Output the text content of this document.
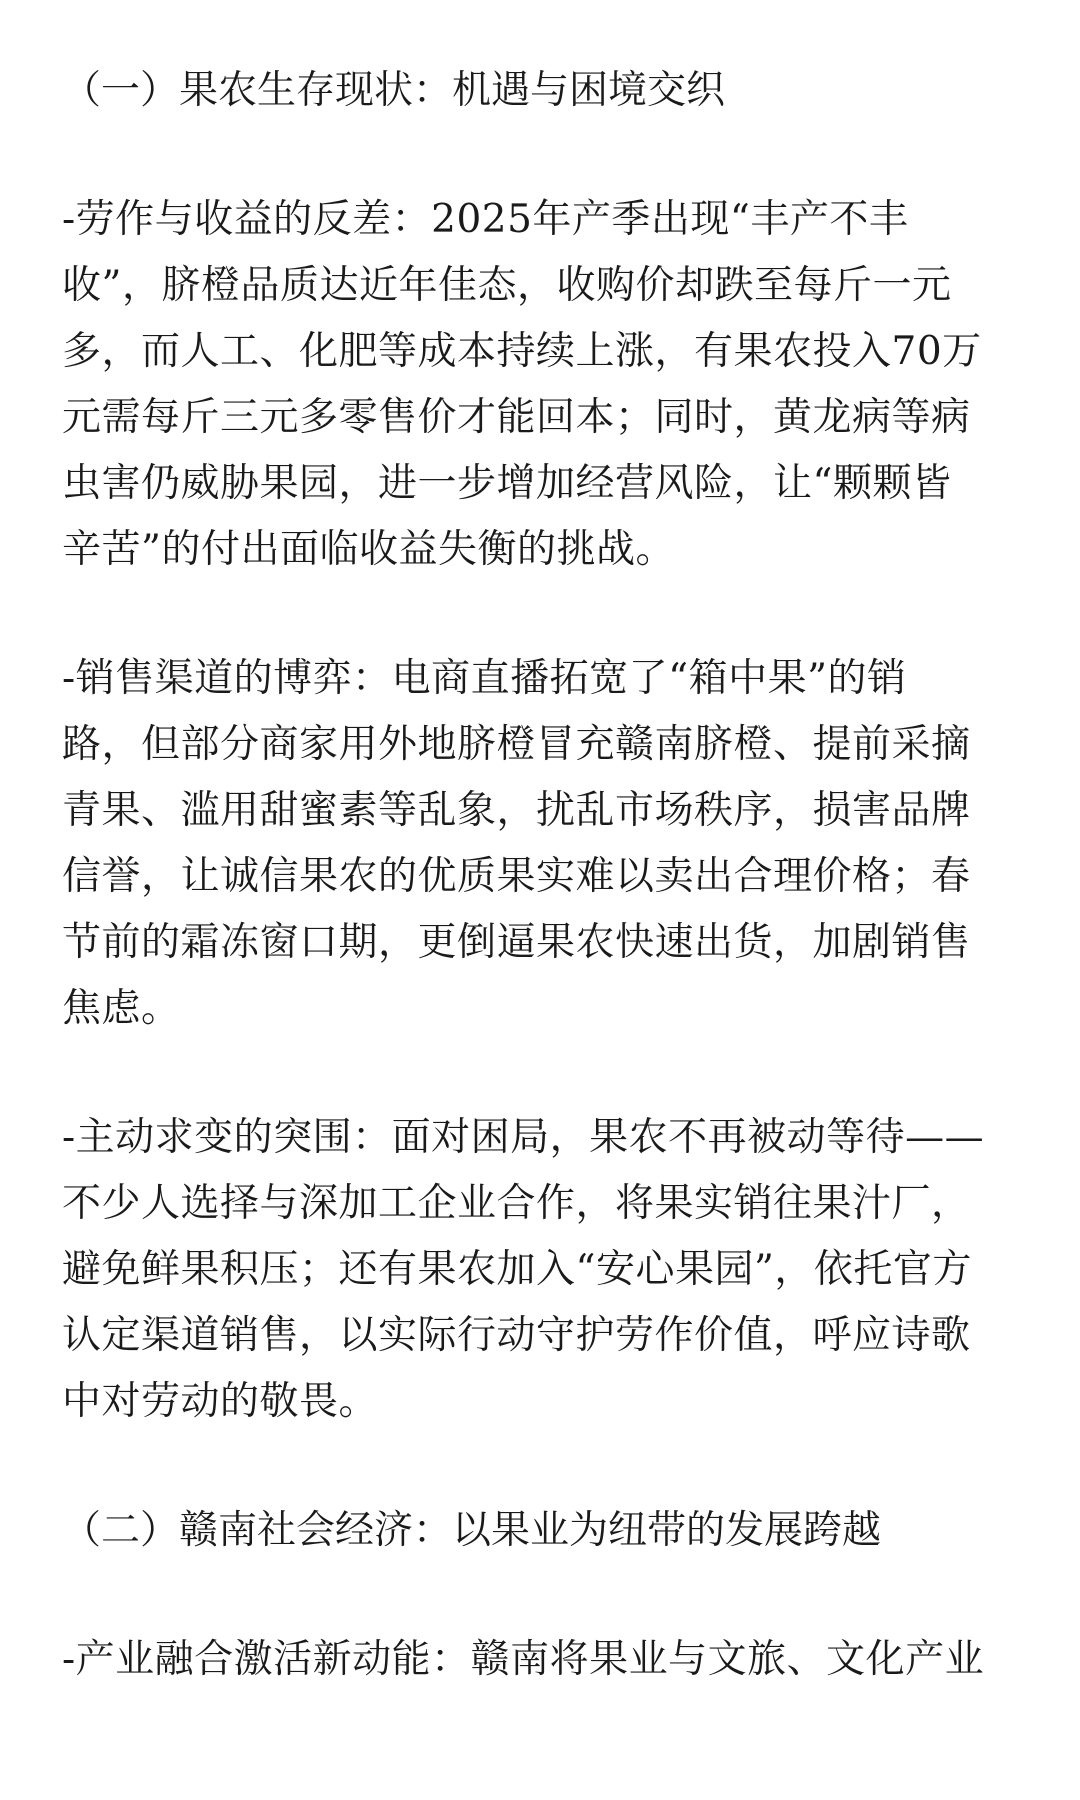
（一）果农生存现状：机遇与困境交织
-劳作与收益的反差：2025年产季出现“丰产不丰
收”，脐橙品质达近年佳态，收购价却跌至每斤一元
多，而人工、化肥等成本持续上涨，有果农投入70万
元需每斤三元多零售价才能回本；同时，黄龙病等病
虫害仍威胁果园，进一步增加经营风险，让“颗颗皆
辛苦”的付出面临收益失衡的挑战。
-销售渠道的博弈：电商直播拓宽了“箱中果”的销
路，但部分商家用外地脐橙冒充赣南脐橙、提前采摘
青果、滥用甜蜜素等乱象，扰乱市场秩序，损害品牌
信誉，让诚信果农的优质果实难以卖出合理价格；春
节前的霜冻窗口期，更倒逼果农快速出货，加剧销售
焦虑。
-主动求变的突围：面对困局，果农不再被动等待——
不少人选择与深加工企业合作，将果实销往果汁厂，
避免鲜果积压；还有果农加入“安心果园”，依托官方
认定渠道销售，以实际行动守护劳作价值，呼应诗歌
中对劳动的敬畏。
（二）赣南社会经济：以果业为纽带的发展跨越
-产业融合激活新动能：赣南将果业与文旅、文化产业
